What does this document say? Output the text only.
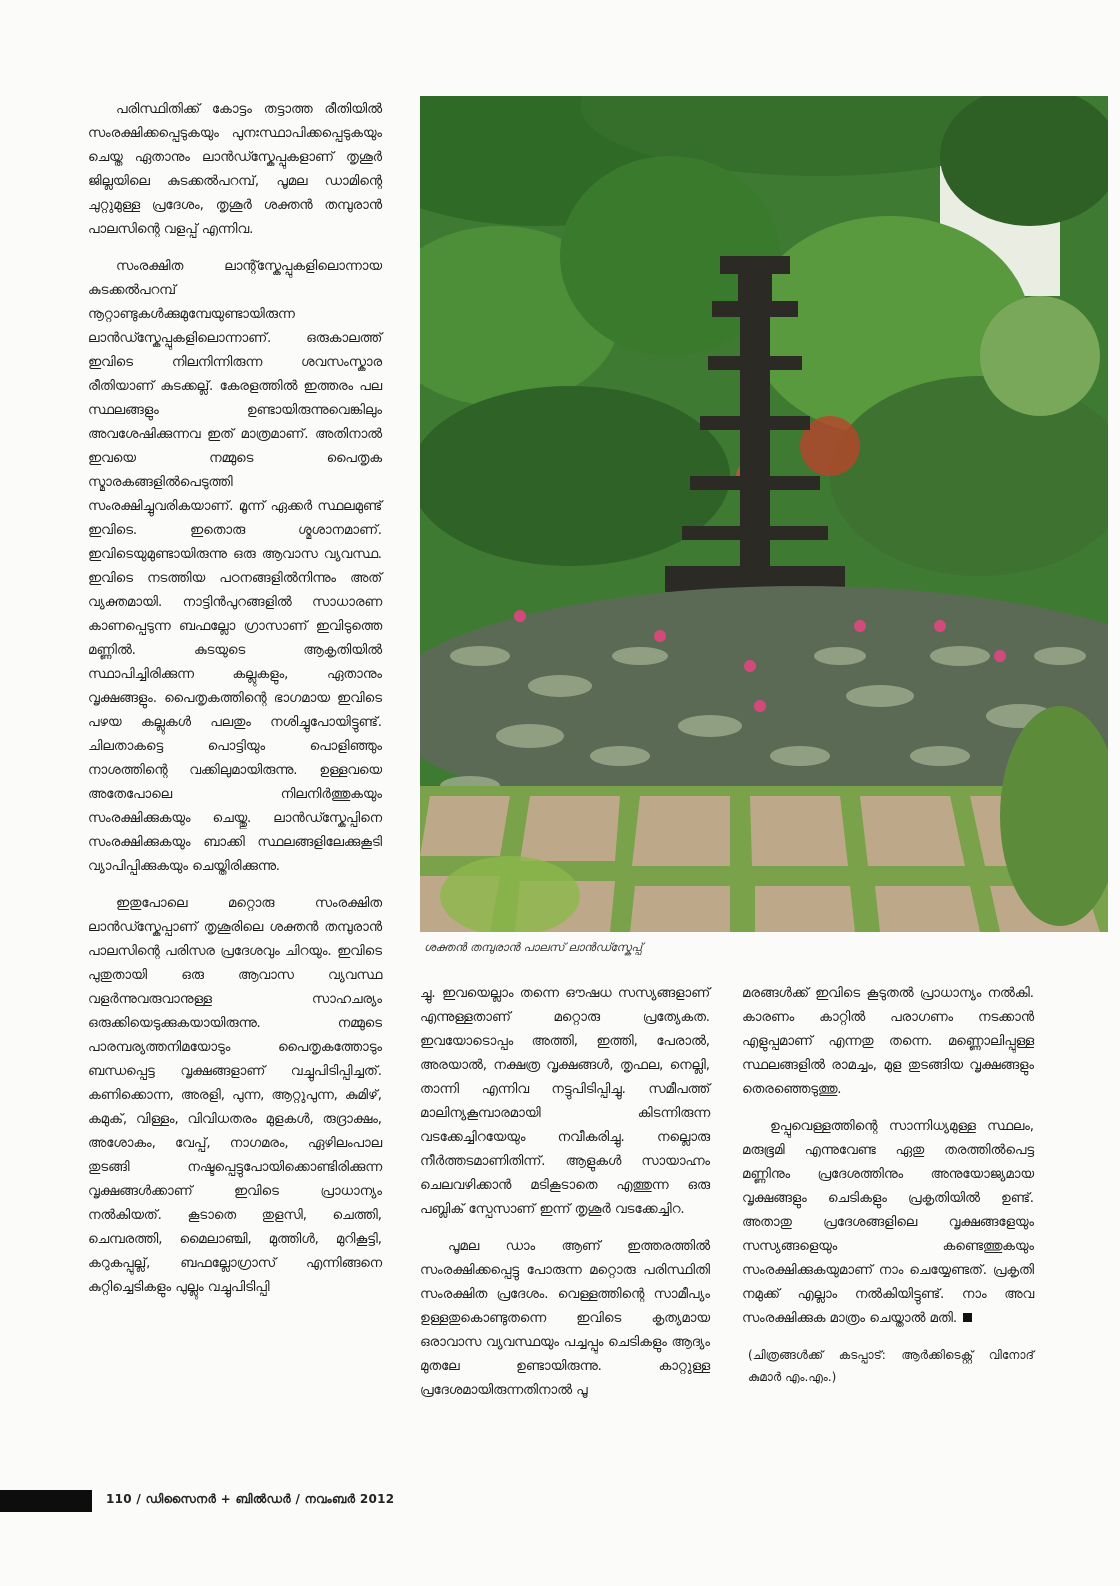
പരിസ്ഥിതിക്ക് കോട്ടം തട്ടാത്ത രീതിയിൽ സംരക്ഷിക്കപ്പെടുകയും പുനഃസ്ഥാപിക്കപ്പെടുകയും ചെയ്ത ഏതാനും ലാൻഡ്സ്കേപ്പുകളാണ് തൃശൂർ ജില്ലയിലെ കുടക്കൽപറമ്പ്, പൂമല ഡാമിന്റെ ചുറ്റുമുള്ള പ്രദേശം, തൃശൂർ ശക്തൻ തമ്പുരാൻ പാലസിന്റെ വളപ്പ് എന്നിവ.

സംരക്ഷിത ലാന്റ്സ്കേപ്പുകളിലൊന്നായ കുടക്കൽപറമ്പ് നൂറ്റാണ്ടുകൾക്കുമുമ്പേയുണ്ടായിരുന്ന ലാൻഡ്സ്കേപ്പുകളിലൊന്നാണ്. ഒരുകാലത്ത് ഇവിടെ നിലനിന്നിരുന്ന ശവസംസ്കാര രീതിയാണ് കുടക്കല്ല്. കേരളത്തിൽ ഇത്തരം പല സ്ഥലങ്ങളും ഉണ്ടായിരുന്നുവെങ്കിലും അവശേഷിക്കുന്നവ ഇത് മാത്രമാണ്. അതിനാൽ ഇവയെ നമ്മുടെ പൈതൃക സ്മാരകങ്ങളിൽപെടുത്തി സംരക്ഷിച്ചുവരികയാണ്. മൂന്ന് ഏക്കർ സ്ഥലമുണ്ട് ഇവിടെ. ഇതൊരു ശ്മശാനമാണ്. ഇവിടെയുമുണ്ടായിരുന്നു ഒരു ആവാസ വ്യവസ്ഥ. ഇവിടെ നടത്തിയ പഠനങ്ങളിൽനിന്നും അത് വ്യക്തമായി. നാട്ടിൻപുറങ്ങളിൽ സാധാരണ കാണപ്പെടുന്ന ബഫല്ലോ ഗ്രാസാണ് ഇവിടുത്തെ മണ്ണിൽ. കുടയുടെ ആകൃതിയിൽ സ്ഥാപിച്ചിരിക്കുന്ന കല്ലുകളും, ഏതാനും വൃക്ഷങ്ങളും. പൈതൃകത്തിന്റെ ഭാഗമായ ഇവിടെ പഴയ കല്ലുകൾ പലതും നശിച്ചുപോയിട്ടുണ്ട്. ചിലതാകട്ടെ പൊട്ടിയും പൊളിഞ്ഞും നാശത്തിന്റെ വക്കിലുമായിരുന്നു. ഉള്ളവയെ അതേപോലെ നിലനിർത്തുകയും സംരക്ഷിക്കുകയും ചെയ്തു. ലാൻഡ്സ്കേപ്പിനെ സംരക്ഷിക്കുകയും ബാക്കി സ്ഥലങ്ങളിലേക്കുകൂടി വ്യാപിപ്പിക്കുകയും ചെയ്തിരിക്കുന്നു.

ഇതുപോലെ മറ്റൊരു സംരക്ഷിത ലാൻഡ്സ്കേപ്പാണ് തൃശൂരിലെ ശക്തൻ തമ്പുരാൻ പാലസിന്റെ പരിസര പ്രദേശവും ചിറയും. ഇവിടെ പുതുതായി ഒരു ആവാസ വ്യവസ്ഥ വളർന്നുവരുവാനുള്ള സാഹചര്യം ഒരുക്കിയെടുക്കുകയായിരുന്നു. നമ്മുടെ പാരമ്പര്യത്തനിമയോടും പൈതൃകത്തോടും ബന്ധപ്പെട്ട വൃക്ഷങ്ങളാണ് വച്ചുപിടിപ്പിച്ചത്. കണിക്കൊന്ന, അരളി, പുന്ന, ആറ്റുപുന്ന, കുമിഴ്, കമുക്, വിള്ളം, വിവിധതരം മുളകൾ, രുദ്രാക്ഷം, അശോകം, വേപ്പ്, നാഗമരം, ഏഴിലംപാല തുടങ്ങി നഷ്ടപ്പെട്ടുപോയിക്കൊണ്ടിരിക്കുന്ന വൃക്ഷങ്ങൾക്കാണ് ഇവിടെ പ്രാധാന്യം നൽകിയത്. കൂടാതെ തുളസി, ചെത്തി, ചെമ്പരത്തി, മൈലാഞ്ചി, മുത്തിൾ, മുറികൂട്ടി, കറുകപ്പുല്ല്, ബഫല്ലോഗ്രാസ് എന്നിങ്ങനെ കുറ്റിച്ചെടികളും പുല്ലും വച്ചുപിടിപ്പി

ശക്തൻ തമ്പുരാൻ പാലസ് ലാൻഡ്സ്കേപ്പ്

ച്ചു. ഇവയെല്ലാം തന്നെ ഔഷധ സസ്യങ്ങളാണ് എന്നുള്ളതാണ് മറ്റൊരു പ്രത്യേകത. ഇവയോടൊപ്പം അത്തി, ഇത്തി, പേരാൽ, അരയാൽ, നക്ഷത്ര വൃക്ഷങ്ങൾ, തൃഫല, നെല്ലി, താന്നി എന്നിവ നട്ടുപിടിപ്പിച്ചു. സമീപത്ത് മാലിന്യകൂമ്പാരമായി കിടന്നിരുന്ന വടക്കേച്ചിറയേയും നവീകരിച്ചു. നല്ലൊരു നീർത്തടമാണിതിന്ന്. ആളുകൾ സായാഹ്നം ചെലവഴിക്കാൻ മടികൂടാതെ എത്തുന്ന ഒരു പബ്ലിക് സ്പേസാണ് ഇന്ന് തൃശൂർ വടക്കേച്ചിറ.

പൂമല ഡാം ആണ് ഇത്തരത്തിൽ സംരക്ഷിക്കപ്പെട്ടു പോരുന്ന മറ്റൊരു പരിസ്ഥിതി സംരക്ഷിത പ്രദേശം. വെള്ളത്തിന്റെ സാമീപ്യം ഉള്ളതുകൊണ്ടുതന്നെ ഇവിടെ കൃത്യമായ ഒരാവാസ വ്യവസ്ഥയും പച്ചപ്പും ചെടികളും ആദ്യം മുതലേ ഉണ്ടായിരുന്നു. കാറ്റുള്ള പ്രദേശമായിരുന്നതിനാൽ പൂ

മരങ്ങൾക്ക് ഇവിടെ കൂടുതൽ പ്രാധാന്യം നൽകി. കാരണം കാറ്റിൽ പരാഗണം നടക്കാൻ എളുപ്പമാണ് എന്നതു തന്നെ. മണ്ണൊലിപ്പുള്ള സ്ഥലങ്ങളിൽ രാമച്ചം, മുള തുടങ്ങിയ വൃക്ഷങ്ങളും തെരഞ്ഞെടുത്തു.

ഉപ്പുവെള്ളത്തിന്റെ സാന്നിധ്യമുള്ള സ്ഥലം, മരുഭൂമി എന്നുവേണ്ട ഏതു തരത്തിൽപെട്ട മണ്ണിനും പ്രദേശത്തിനും അനുയോജ്യമായ വൃക്ഷങ്ങളും ചെടികളും പ്രകൃതിയിൽ ഉണ്ട്. അതാതു പ്രദേശങ്ങളിലെ വൃക്ഷങ്ങളേയും സസ്യങ്ങളെയും കണ്ടെത്തുകയും സംരക്ഷിക്കുകയുമാണ് നാം ചെയ്യേണ്ടത്. പ്രകൃതി നമുക്ക് എല്ലാം നൽകിയിട്ടുണ്ട്. നാം അവ സംരക്ഷിക്കുക മാത്രം ചെയ്താൽ മതി.

(ചിത്രങ്ങൾക്ക് കടപ്പാട്: ആർക്കിടെക്റ്റ് വിനോദ് കുമാർ എം.എം.)

110 / ഡിസൈനർ + ബിൽഡർ / നവംബർ 2012
